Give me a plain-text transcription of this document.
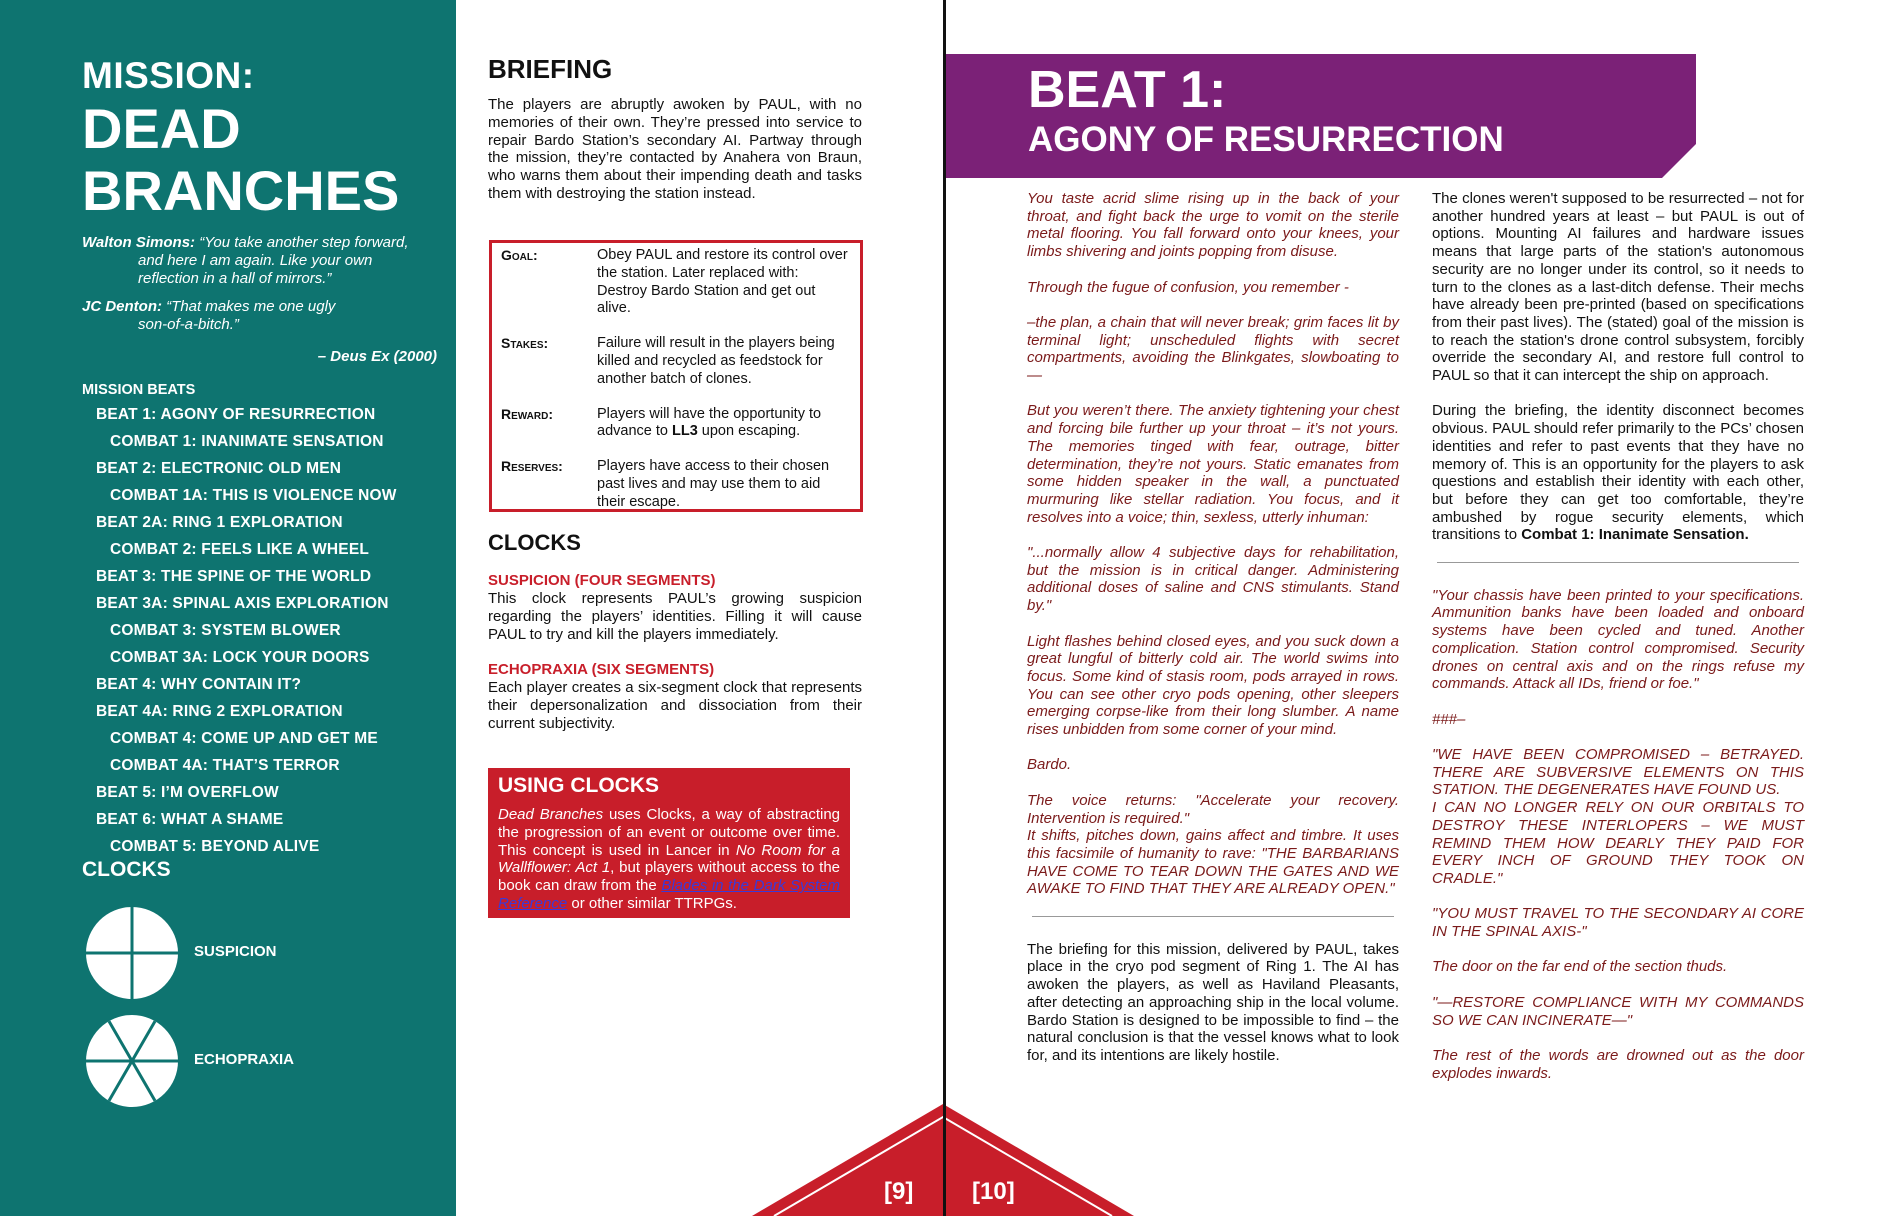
MISSION:
DEAD
BRANCHES
Walton Simons: “You take another step forward,
and here I am again. Like your own
reflection in a hall of mirrors.”
JC Denton: “That makes me one ugly
son-of-a-bitch.”
– Deus Ex (2000)
MISSION BEATS
BEAT 1: AGONY OF RESURRECTION
COMBAT 1: INANIMATE SENSATION
BEAT 2: ELECTRONIC OLD MEN
COMBAT 1A: THIS IS VIOLENCE NOW
BEAT 2A: RING 1 EXPLORATION
COMBAT 2: FEELS LIKE A WHEEL
BEAT 3: THE SPINE OF THE WORLD
BEAT 3A: SPINAL AXIS EXPLORATION
COMBAT 3: SYSTEM BLOWER
COMBAT 3A: LOCK YOUR DOORS
BEAT 4: WHY CONTAIN IT?
BEAT 4A: RING 2 EXPLORATION
COMBAT 4: COME UP AND GET ME
COMBAT 4A: THAT’S TERROR
BEAT 5: I’M OVERFLOW
BEAT 6: WHAT A SHAME
COMBAT 5: BEYOND ALIVE
CLOCKS
SUSPICION
ECHOPRAXIA
BRIEFING
The players are abruptly awoken by PAUL, with no memories of their own. They’re pressed into service to repair Bardo Station’s secondary AI. Partway through the mission, they’re contacted by Anahera von Braun, who warns them about their impending death and tasks them with destroying the station instead.
Goal:	Obey PAUL and restore its control over the station. Later replaced with: Destroy Bardo Station and get out alive.
Stakes:	Failure will result in the players being killed and recycled as feedstock for another batch of clones.
Reward:	Players will have the opportunity to advance to LL3 upon escaping.
Reserves:	Players have access to their chosen past lives and may use them to aid their escape.
CLOCKS
SUSPICION (FOUR SEGMENTS)
This clock represents PAUL’s growing suspicion regarding the players’ identities. Filling it will cause PAUL to try and kill the players immediately.
ECHOPRAXIA (SIX SEGMENTS)
Each player creates a six-segment clock that represents their depersonalization and dissociation from their current subjectivity.
USING CLOCKS
Dead Branches uses Clocks, a way of abstracting the progression of an event or outcome over time. This concept is used in Lancer in No Room for a Wallflower: Act 1, but players without access to the book can draw from the Blades in the Dark System Reference or other similar TTRPGs.
[9] [10]
BEAT 1:
AGONY OF RESURRECTION

You taste acrid slime rising up in the back of your throat, and fight back the urge to vomit on the sterile metal flooring. You fall forward onto your knees, your limbs shivering and joints popping from disuse.

Through the fugue of confusion, you remember -

–the plan, a chain that will never break; grim faces lit by terminal light; unscheduled flights with secret compartments, avoiding the Blinkgates, slowboating to—

But you weren’t there. The anxiety tightening your chest and forcing bile further up your throat – it’s not yours. The memories tinged with fear, outrage, bitter determination, they’re not yours. Static emanates from some hidden speaker in the wall, a punctuated murmuring like stellar radiation. You focus, and it resolves into a voice; thin, sexless, utterly inhuman:

"...normally allow 4 subjective days for rehabilitation, but the mission is in critical danger. Administering additional doses of saline and CNS stimulants. Stand by."

Light flashes behind closed eyes, and you suck down a great lungful of bitterly cold air. The world swims into focus. Some kind of stasis room, pods arrayed in rows. You can see other cryo pods opening, other sleepers emerging corpse-like from their long slumber. A name rises unbidden from some corner of your mind.

Bardo.

The voice returns: "Accelerate your recovery. Intervention is required."

It shifts, pitches down, gains affect and timbre. It uses this facsimile of humanity to rave: "THE BARBARIANS HAVE COME TO TEAR DOWN THE GATES AND WE AWAKE TO FIND THAT THEY ARE ALREADY OPEN."

The briefing for this mission, delivered by PAUL, takes place in the cryo pod segment of Ring 1. The AI has awoken the players, as well as Haviland Pleasants, after detecting an approaching ship in the local volume. Bardo Station is designed to be impossible to find – the natural conclusion is that the vessel knows what to look for, and its intentions are likely hostile.

The clones weren't supposed to be resurrected – not for another hundred years at least – but PAUL is out of options. Mounting AI failures and hardware issues means that large parts of the station's autonomous security are no longer under its control, so it needs to turn to the clones as a last-ditch defense. Their mechs have already been pre-printed (based on specifications from their past lives). The (stated) goal of the mission is to reach the station's drone control subsystem, forcibly override the secondary AI, and restore full control to PAUL so that it can intercept the ship on approach.

During the briefing, the identity disconnect becomes obvious. PAUL should refer primarily to the PCs’ chosen identities and refer to past events that they have no memory of. This is an opportunity for the players to ask questions and establish their identity with each other, but before they can get too comfortable, they’re ambushed by rogue security elements, which transitions to Combat 1: Inanimate Sensation.

"Your chassis have been printed to your specifications. Ammunition banks have been loaded and onboard systems have been cycled and tuned. Another complication. Station control compromised. Security drones on central axis and on the rings refuse my commands. Attack all IDs, friend or foe."

###–

"WE HAVE BEEN COMPROMISED – BETRAYED. THERE ARE SUBVERSIVE ELEMENTS ON THIS STATION. THE DEGENERATES HAVE FOUND US.

I CAN NO LONGER RELY ON OUR ORBITALS TO DESTROY THESE INTERLOPERS – WE MUST REMIND THEM HOW DEARLY THEY PAID FOR EVERY INCH OF GROUND THEY TOOK ON CRADLE."

"YOU MUST TRAVEL TO THE SECONDARY AI CORE IN THE SPINAL AXIS-"

The door on the far end of the section thuds.

"—RESTORE COMPLIANCE WITH MY COMMANDS SO WE CAN INCINERATE—"

The rest of the words are drowned out as the door explodes inwards.
